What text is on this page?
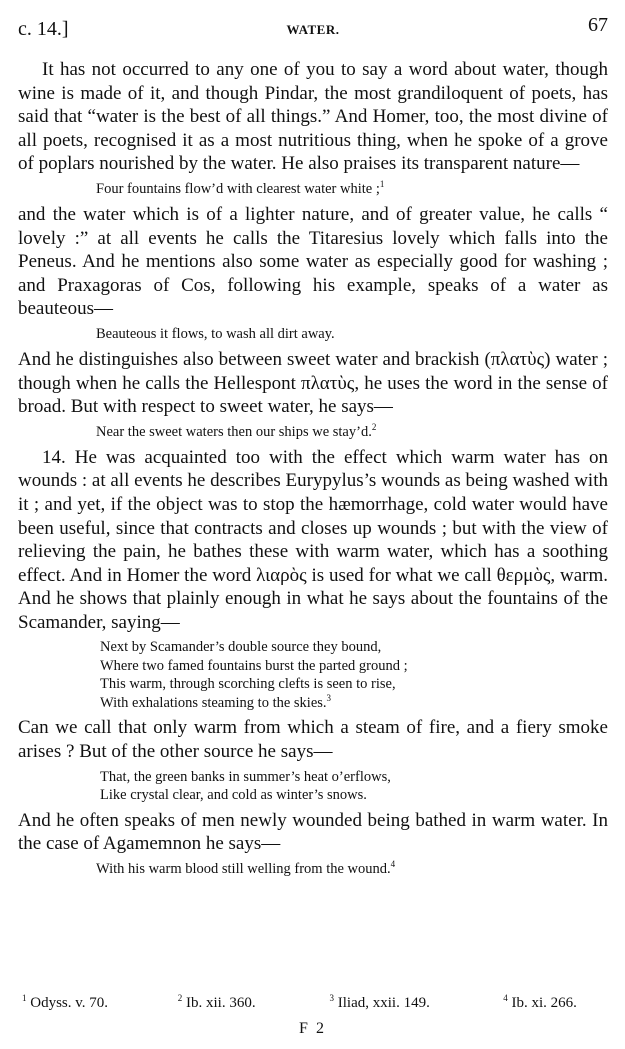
c. 14.]	WATER.	67

It has not occurred to any one of you to say a word about water, though wine is made of it, and though Pindar, the most grandiloquent of poets, has said that “water is the best of all things.” And Homer, too, the most divine of all poets, recognised it as a most nutritious thing, when he spoke of a grove of poplars nourished by the water. He also praises its transparent nature—

Four fountains flow’d with clearest water white ;$^1$

and the water which is of a lighter nature, and of greater value, he calls “ lovely :” at all events he calls the Titaresius lovely which falls into the Peneus. And he mentions also some water as especially good for washing ; and Praxagoras of Cos, following his example, speaks of a water as beauteous—

Beauteous it flows, to wash all dirt away.

And he distinguishes also between sweet water and brackish (πλατὺς) water ; though when he calls the Hellespont πλατὺς, he uses the word in the sense of broad. But with respect to sweet water, he says—

Near the sweet waters then our ships we stay’d.$^2$

14. He was acquainted too with the effect which warm water has on wounds : at all events he describes Eurypylus’s wounds as being washed with it ; and yet, if the object was to stop the hæmorrhage, cold water would have been useful, since that contracts and closes up wounds ; but with the view of relieving the pain, he bathes these with warm water, which has a soothing effect. And in Homer the word λιαρὸς is used for what we call θερμὸς, warm. And he shows that plainly enough in what he says about the fountains of the Scamander, saying—

Next by Scamander’s double source they bound,
Where two famed fountains burst the parted ground ;
This warm, through scorching clefts is seen to rise,
With exhalations steaming to the skies.$^3$

Can we call that only warm from which a steam of fire, and a fiery smoke arises ? But of the other source he says—

That, the green banks in summer’s heat o’erflows,
Like crystal clear, and cold as winter’s snows.

And he often speaks of men newly wounded being bathed in warm water. In the case of Agamemnon he says—

With his warm blood still welling from the wound.$^4$
$^1$ Odyss. v. 70.	$^2$ Ib. xii. 360.	$^3$ Iliad, xxii. 149.	$^4$ Ib. xi. 266.
F 2
